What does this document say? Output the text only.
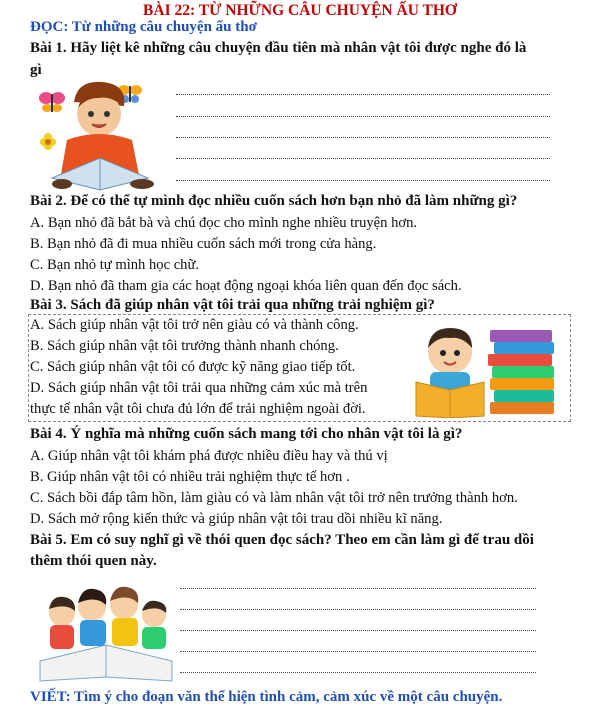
BÀI 22: TỪ NHỮNG CÂU CHUYỆN ẤU THƠ
ĐỌC: Từ những câu chuyện ấu thơ
Bài 1. Hãy liệt kê những câu chuyện đầu tiên mà nhân vật tôi được nghe đó là
gì
Bài 2. Để có thể tự mình đọc nhiều cuốn sách hơn bạn nhỏ đã làm những gì?
A. Bạn nhỏ đã bắt bà và chú đọc cho mình nghe nhiều truyện hơn.
B. Bạn nhỏ đã đi mua nhiều cuốn sách mới trong cửa hàng.
C. Bạn nhỏ tự mình học chữ.
D. Bạn nhỏ đã tham gia các hoạt động ngoại khóa liên quan đến đọc sách.
Bài 3. Sách đã giúp nhân vật tôi trải qua những trải nghiệm gì?
A. Sách giúp nhân vật tôi trở nên giàu có và thành công.
B. Sách giúp nhân vật tôi trưởng thành nhanh chóng.
C. Sách giúp nhân vật tôi có được kỹ năng giao tiếp tốt.
D. Sách giúp nhân vật tôi trải qua những cảm xúc mà trên
thực tế nhân vật tôi chưa đủ lớn để trải nghiệm ngoài đời.
Bài 4. Ý nghĩa mà những cuốn sách mang tới cho nhân vật tôi là gì?
A. Giúp nhân vật tôi khám phá được nhiều điều hay và thú vị
B. Giúp nhân vật tôi có nhiều trải nghiệm thực tế hơn .
C. Sách bồi đắp tâm hồn, làm giàu có và làm nhân vật tôi trở nên trưởng thành hơn.
D. Sách mở rộng kiến thức và giúp nhân vật tôi trau dồi nhiều kĩ năng.
Bài 5. Em có suy nghĩ gì về thói quen đọc sách? Theo em cần làm gì để trau dồi
thêm thói quen này.
VIẾT: Tìm ý cho đoạn văn thể hiện tình cảm, cảm xúc về một câu chuyện.
